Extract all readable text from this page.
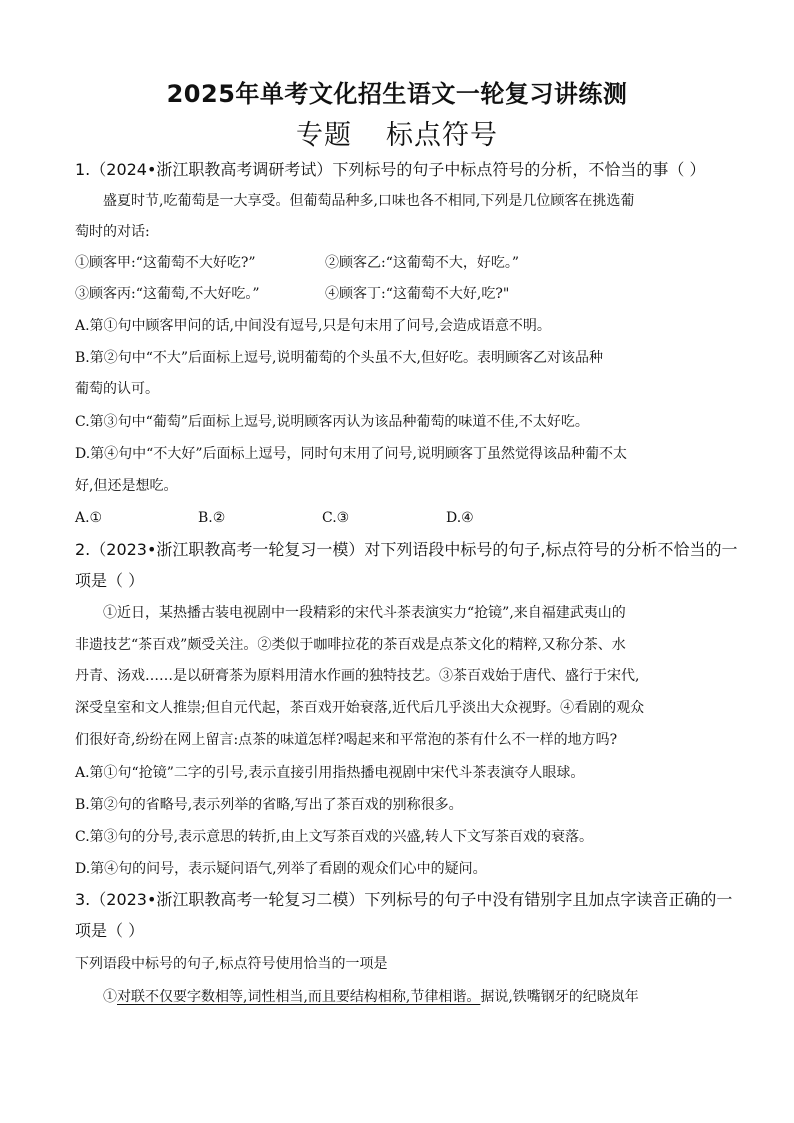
2025年单考文化招生语文一轮复习讲练测
专题 标点符号
1.（2024•浙江职教高考调研考试）下列标号的句子中标点符号的分析，不恰当的事（ ）
盛夏时节,吃葡萄是一大享受。但葡萄品种多,口味也各不相同,下列是几位顾客在挑选葡
萄时的对话:
①顾客甲:“这葡萄不大好吃?”	②顾客乙:“这葡萄不大，好吃。”
③顾客丙:“这葡萄,不大好吃。”	④顾客丁:“这葡萄不大好,吃?"
A.第①句中顾客甲问的话,中间没有逗号,只是句末用了问号,会造成语意不明。
B.第②句中“不大”后面标上逗号,说明葡萄的个头虽不大,但好吃。表明顾客乙对该品种
葡萄的认可。
C.第③句中“葡萄”后面标上逗号,说明顾客丙认为该品种葡萄的味道不佳,不太好吃。
D.第④句中“不大好”后面标上逗号，同时句末用了问号,说明顾客丁虽然觉得该品种葡不太
好,但还是想吃。
A.①	B.②	C.③	D.④
2.（2023•浙江职教高考一轮复习一模）对下列语段中标号的句子,标点符号的分析不恰当的一
项是（ ）
①近日，某热播古装电视剧中一段精彩的宋代斗茶表演实力“抢镜”,来自福建武夷山的
非遗技艺“茶百戏”颇受关注。②类似于咖啡拉花的茶百戏是点茶文化的精粹,又称分茶、水
丹青、汤戏……是以研膏茶为原料用清水作画的独特技艺。③茶百戏始于唐代、盛行于宋代,
深受皇室和文人推崇;但自元代起，茶百戏开始衰落,近代后几乎淡出大众视野。④看剧的观众
们很好奇,纷纷在网上留言:点茶的味道怎样?喝起来和平常泡的茶有什么不一样的地方吗?
A.第①句“抢镜”二字的引号,表示直接引用指热播电视剧中宋代斗茶表演夺人眼球。
B.第②句的省略号,表示列举的省略,写出了茶百戏的别称很多。
C.第③句的分号,表示意思的转折,由上文写茶百戏的兴盛,转人下文写茶百戏的衰落。
D.第④句的问号，表示疑问语气,列举了看剧的观众们心中的疑问。
3.（2023•浙江职教高考一轮复习二模）下列标号的句子中没有错别字且加点字读音正确的一
项是（ ）
下列语段中标号的句子,标点符号使用恰当的一项是
①对联不仅要字数相等,词性相当,而且要结构相称,节律相谐。据说,铁嘴钢牙的纪晓岚年
